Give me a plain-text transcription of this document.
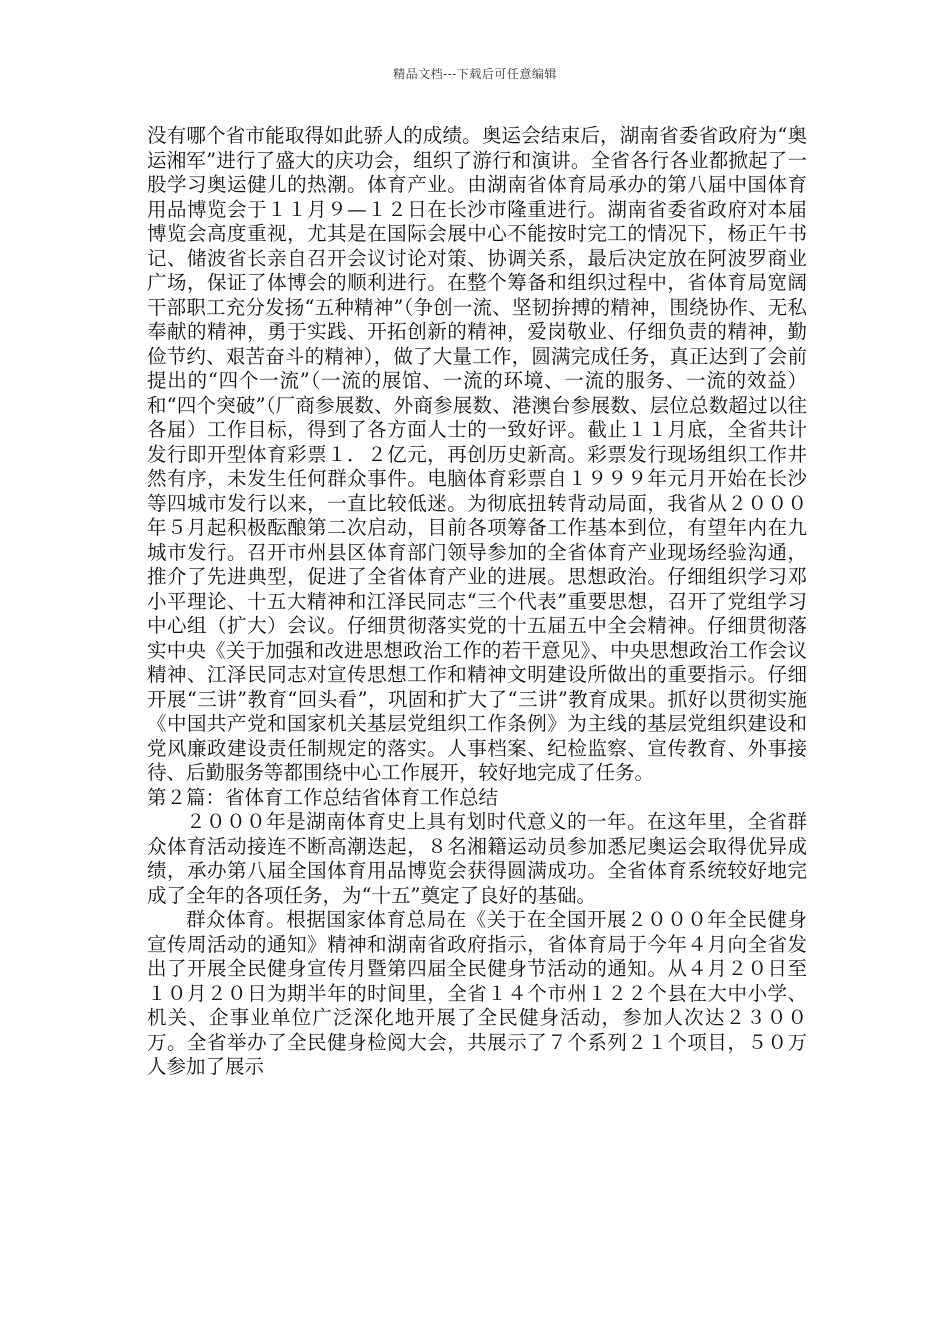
精品文档---下载后可任意编辑

没有哪个省市能取得如此骄人的成绩。奥运会结束后，湖南省委省政府为“奥运湘军”进行了盛大的庆功会，组织了游行和演讲。全省各行各业都掀起了一股学习奥运健儿的热潮。体育产业。由湖南省体育局承办的第八届中国体育用品博览会于１１月９—１２日在长沙市隆重进行。湖南省委省政府对本届博览会高度重视，尤其是在国际会展中心不能按时完工的情况下，杨正午书记、储波省长亲自召开会议讨论对策、协调关系，最后决定放在阿波罗商业广场，保证了体博会的顺利进行。在整个筹备和组织过程中，省体育局宽阔干部职工充分发扬“五种精神”（争创一流、坚韧拚搏的精神，围绕协作、无私奉献的精神，勇于实践、开拓创新的精神，爱岗敬业、仔细负责的精神，勤俭节约、艰苦奋斗的精神），做了大量工作，圆满完成任务，真正达到了会前提出的“四个一流”（一流的展馆、一流的环境、一流的服务、一流的效益）和“四个突破”（厂商参展数、外商参展数、港澳台参展数、层位总数超过以往各届）工作目标，得到了各方面人士的一致好评。截止１１月底，全省共计发行即开型体育彩票１．２亿元，再创历史新高。彩票发行现场组织工作井然有序，未发生任何群众事件。电脑体育彩票自１９９９年元月开始在长沙等四城市发行以来，一直比较低迷。为彻底扭转背动局面，我省从２０００年５月起积极酝酿第二次启动，目前各项筹备工作基本到位，有望年内在九城市发行。召开市州县区体育部门领导参加的全省体育产业现场经验沟通，推介了先进典型，促进了全省体育产业的进展。思想政治。仔细组织学习邓小平理论、十五大精神和江泽民同志“三个代表”重要思想，召开了党组学习中心组（扩大）会议。仔细贯彻落实党的十五届五中全会精神。仔细贯彻落实中央《关于加强和改进思想政治工作的若干意见》、中央思想政治工作会议精神、江泽民同志对宣传思想工作和精神文明建设所做出的重要指示。仔细开展“三讲”教育“回头看”，巩固和扩大了“三讲”教育成果。抓好以贯彻实施《中国共产党和国家机关基层党组织工作条例》为主线的基层党组织建设和党风廉政建设责任制规定的落实。人事档案、纪检监察、宣传教育、外事接待、后勤服务等都围绕中心工作展开，较好地完成了任务。

第２篇：省体育工作总结省体育工作总结

２０００年是湖南体育史上具有划时代意义的一年。在这年里，全省群众体育活动接连不断高潮迭起，８名湘籍运动员参加悉尼奥运会取得优异成绩，承办第八届全国体育用品博览会获得圆满成功。全省体育系统较好地完成了全年的各项任务，为“十五”奠定了良好的基础。

群众体育。根据国家体育总局在《关于在全国开展２０００年全民健身宣传周活动的通知》精神和湖南省政府指示，省体育局于今年４月向全省发出了开展全民健身宣传月暨第四届全民健身节活动的通知。从４月２０日至１０月２０日为期半年的时间里，全省１４个市州１２２个县在大中小学、机关、企事业单位广泛深化地开展了全民健身活动，参加人次达２３００万。全省举办了全民健身检阅大会，共展示了７个系列２１个项目，５０万人参加了展示
